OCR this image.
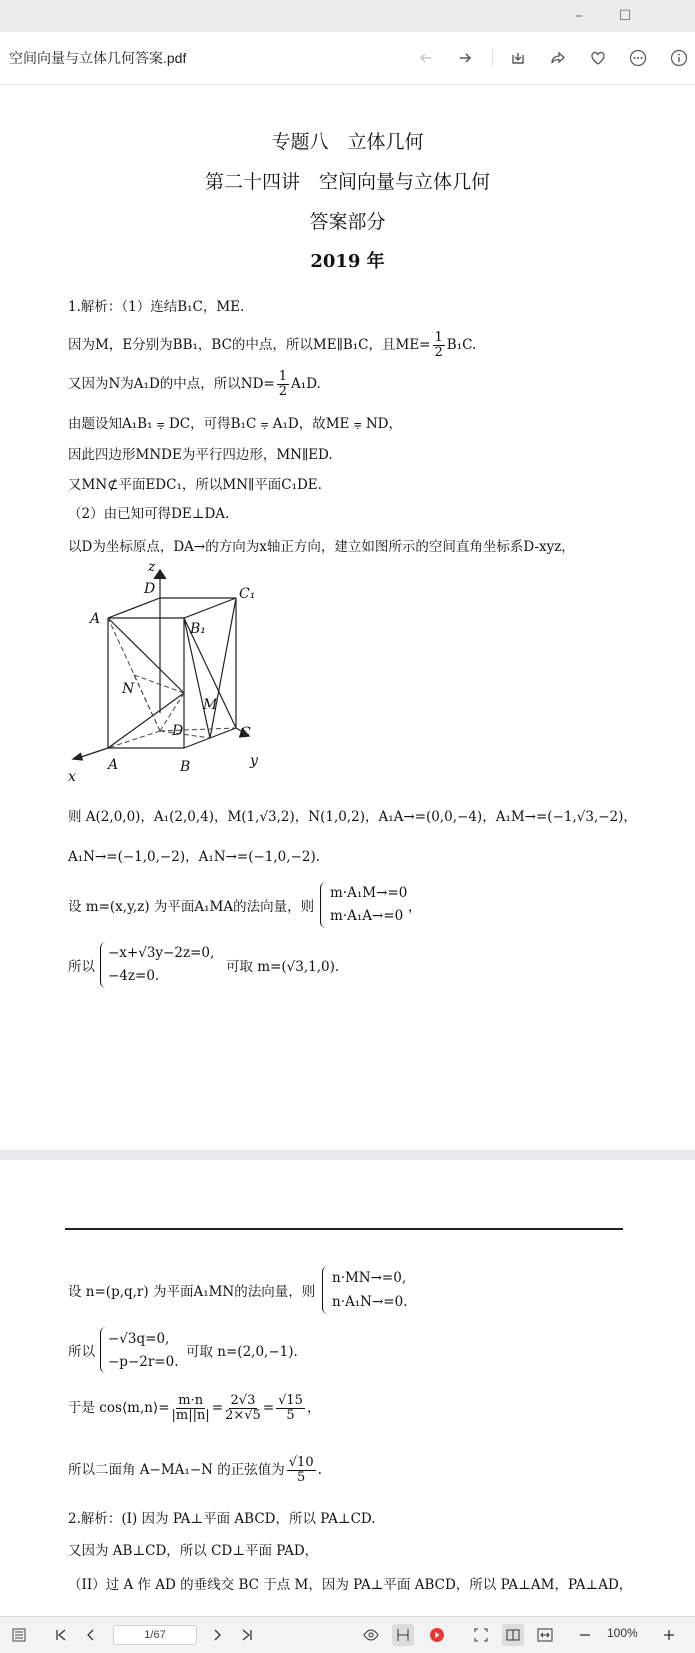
–	☐
空间向量与立体几何答案.pdf
专题八　立体几何
第二十四讲　空间向量与立体几何
答案部分
2019 年
1.解析：（1）连结B₁C，ME.
因为M，E分别为BB₁，BC的中点，所以ME∥B₁C，且$ME= \frac{1}{2} B_1C$.
又因为N为A₁D的中点，所以$ND= \frac{1}{2} A_1D$.
由题设知A₁B₁ ⩦ DC，可得B₁C ⩦ A₁D，故ME ⩦ ND，
因此四边形MNDE为平行四边形，MN∥ED.
又MN⊄平面EDC₁，所以MN∥平面C₁DE.
（2）由已知可得DE⊥DA.
以D为坐标原点，DA→的方向为x轴正方向，建立如图所示的空间直角坐标系D-xyz，
z
D	C₁
A
B₁
N
M
D	C
A	B
x
y
则 A(2,0,0)，A₁(2,0,4)，M(1,√3,2)，N(1,0,2)，A₁A→=(0,0,−4)，A₁M→=(−1,√3,−2)，
A₁N→=(−1,0,−2)，A₁N→=(−1,0,−2).
设 m=(x,y,z) 为平面A₁MA的法向量，则
m·A₁M→=0
m·A₁A→=0
，
所以
−x+√3y−2z=0,
−4z=0.
可取 m=(√3,1,0).
设 n=(p,q,r) 为平面A₁MN的法向量，则
n·MN→=0,
n·A₁N→=0.
所以
−√3q=0,
−p−2r=0.
可取 n=(2,0,−1).
于是 cos⟨m,n⟩= $\frac{m\cdot n}{|m||n|} = \frac{2√3}{2\times√5} = \frac{√15}{5}$ ，
所以二面角 A−MA₁−N 的正弦值为 $\frac{√10}{5}$ .
2.解析：(I) 因为 PA⊥平面 ABCD，所以 PA⊥CD.
又因为 AB⊥CD，所以 CD⊥平面 PAD，
（II）过 A 作 AD 的垂线交 BC 于点 M，因为 PA⊥平面 ABCD，所以 PA⊥AM，PA⊥AD，
1/67	100%
